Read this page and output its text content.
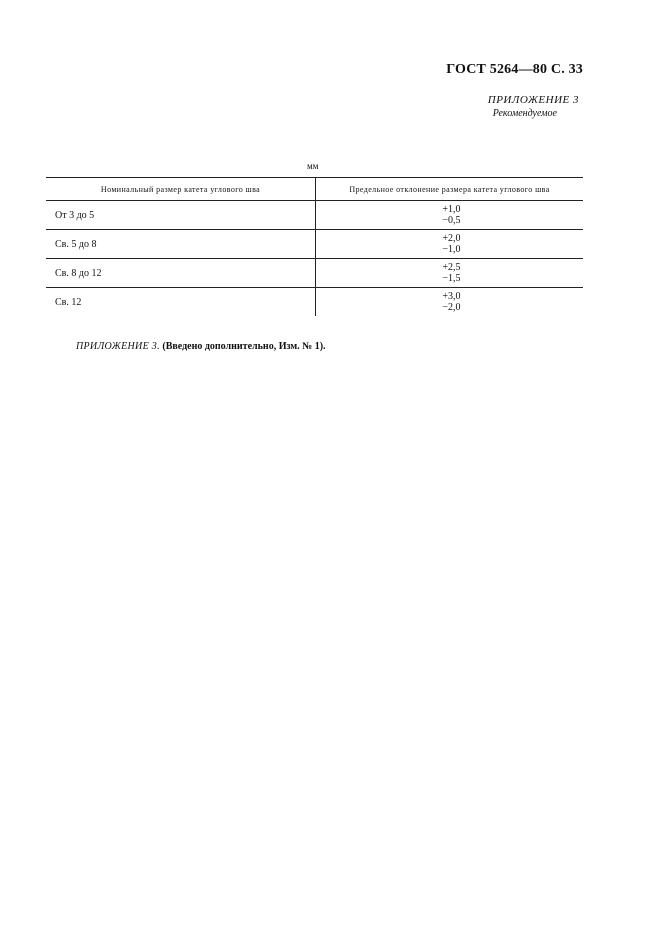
ГОСТ 5264—80 С. 33
ПРИЛОЖЕНИЕ 3
Рекомендуемое
мм
Номинальный размер катета углового шва	Предельное отклонение размера катета углового шва
От 3 до 5	+1,0
−0,5

Св. 5 до 8	+2,0
−1,0

Св. 8 до 12	+2,5
−1,5

Св. 12	+3,0
−2,0
ПРИЛОЖЕНИЕ 3. (Введено дополнительно, Изм. № 1).
